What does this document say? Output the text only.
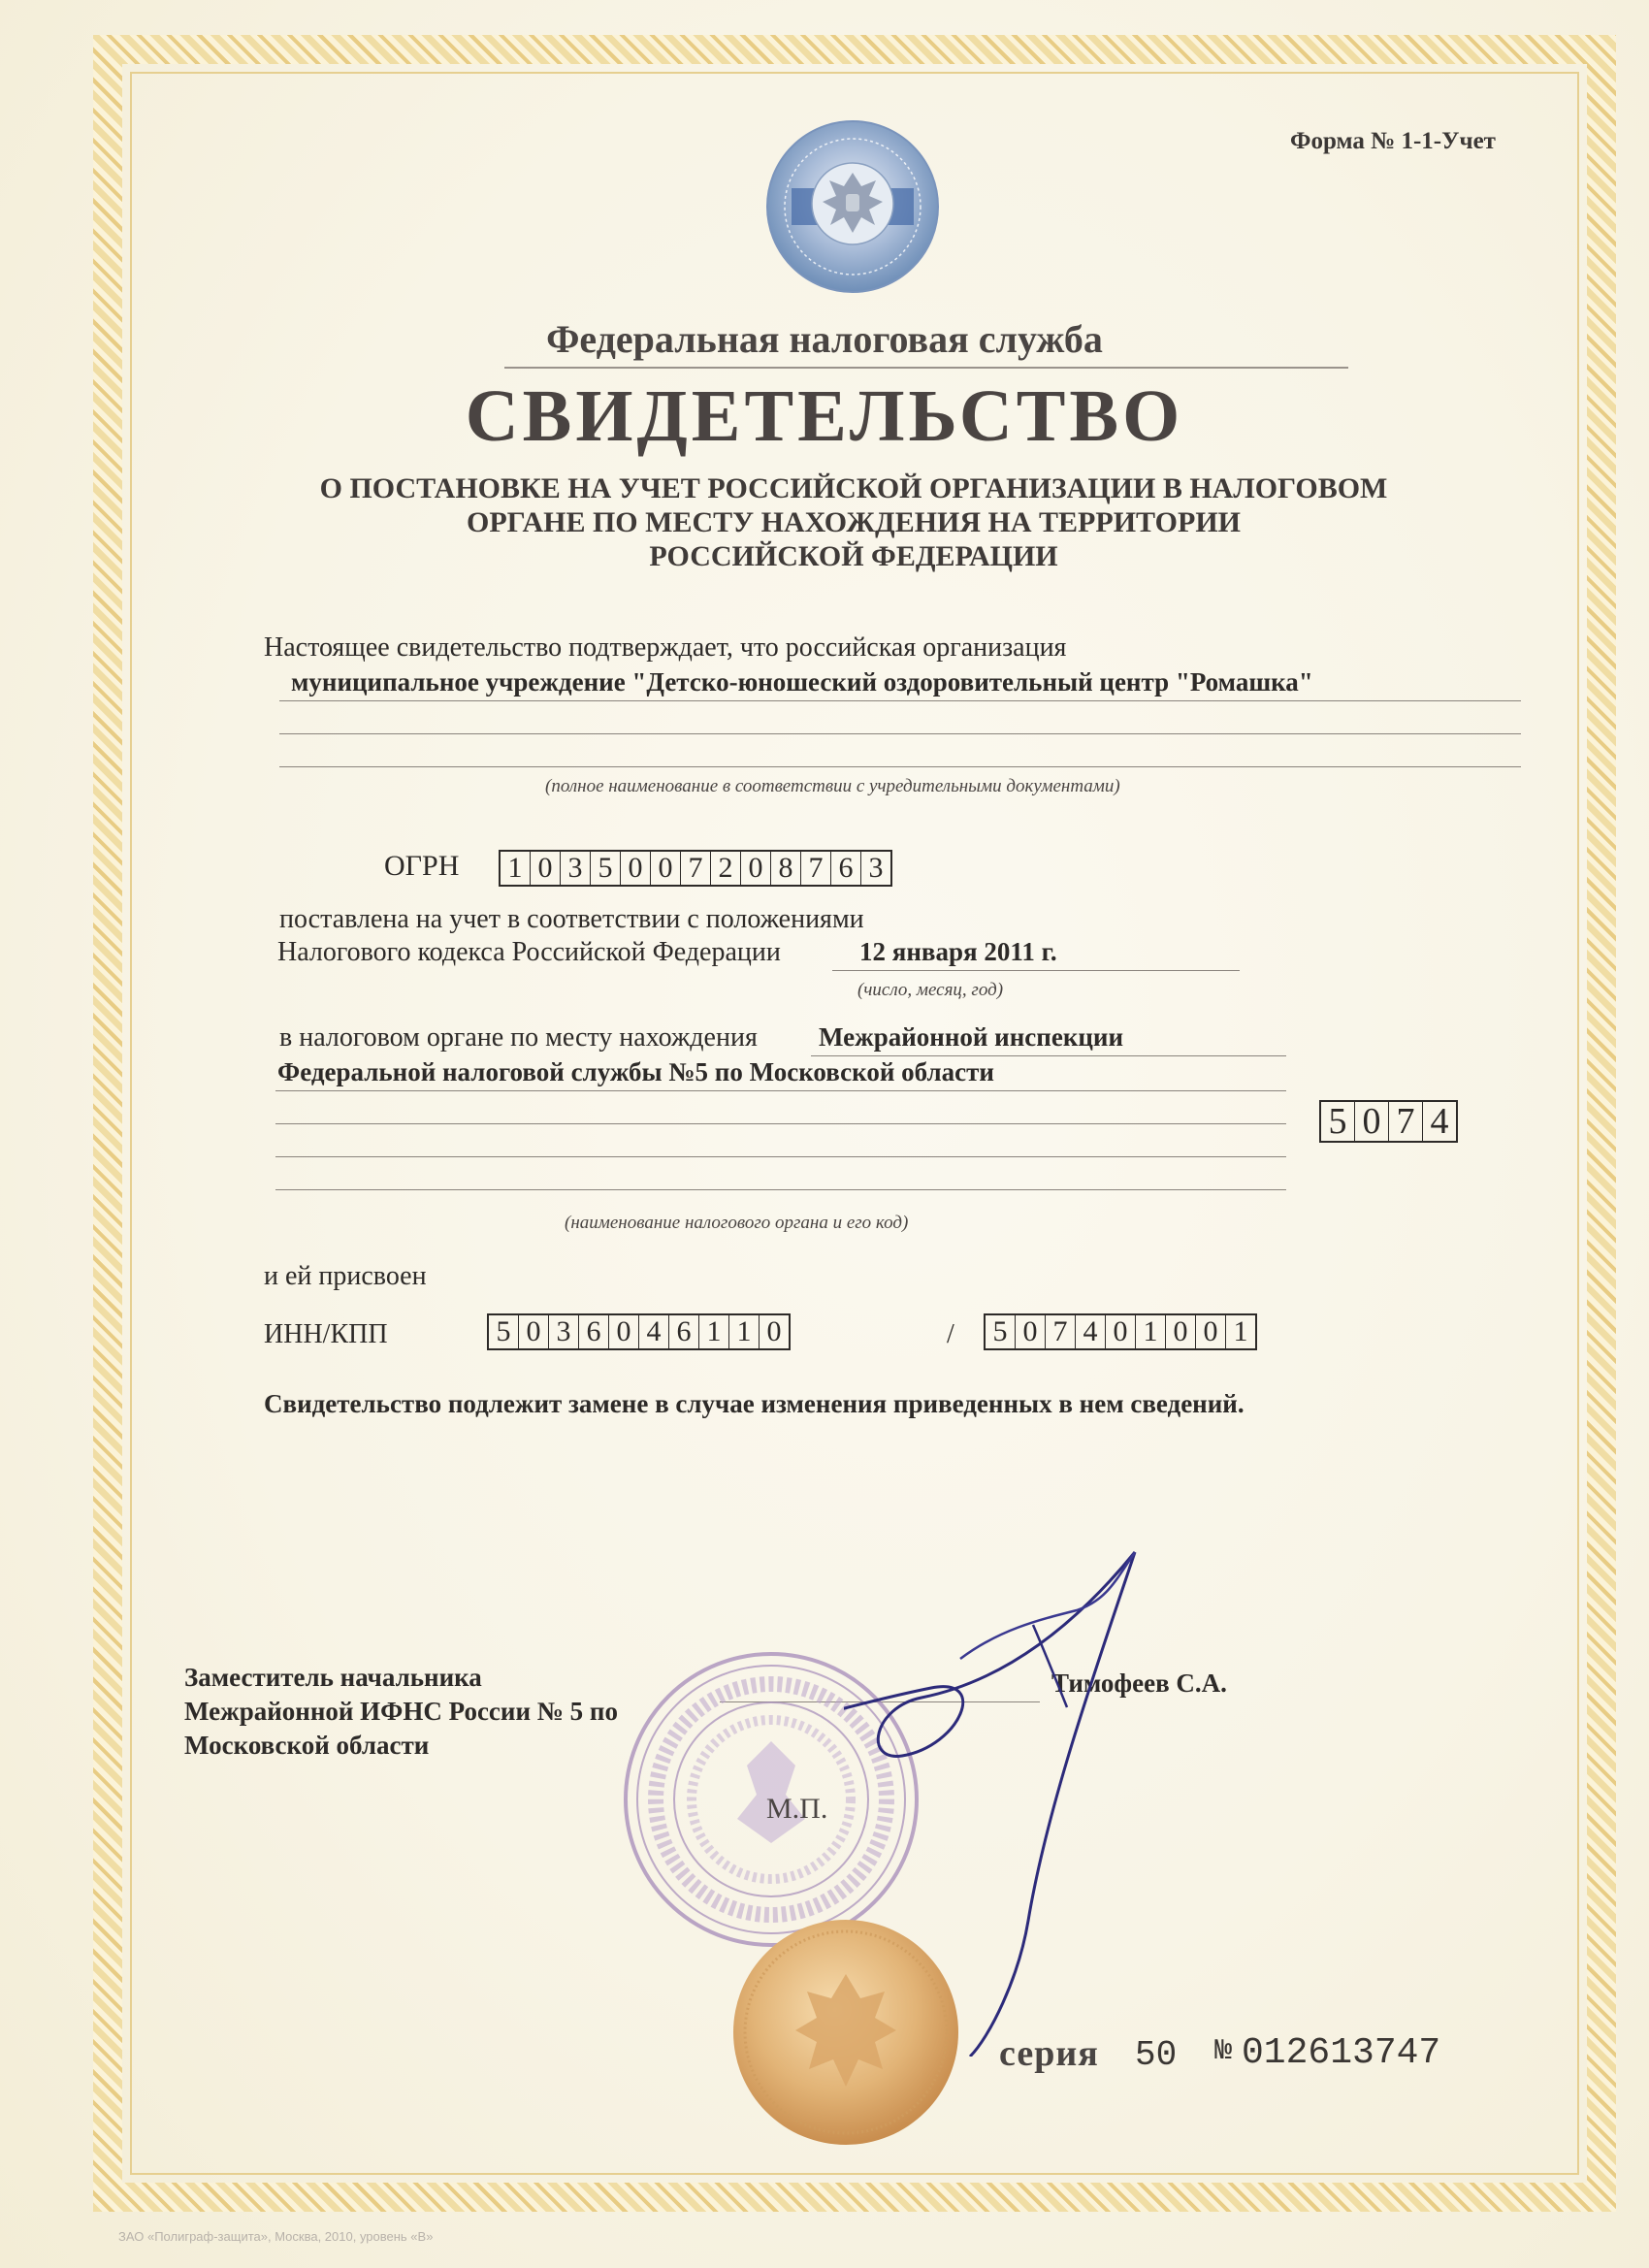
Форма № 1-1-Учет
Федеральная налоговая служба
СВИДЕТЕЛЬСТВО
О ПОСТАНОВКЕ НА УЧЕТ РОССИЙСКОЙ ОРГАНИЗАЦИИ В НАЛОГОВОМ
ОРГАНЕ ПО МЕСТУ НАХОЖДЕНИЯ НА ТЕРРИТОРИИ
РОССИЙСКОЙ ФЕДЕРАЦИИ
Настоящее свидетельство подтверждает, что российская организация
муниципальное учреждение "Детско-юношеский оздоровительный центр "Ромашка"
(полное наименование в соответствии с учредительными документами)
ОГРН 1 0 3 5 0 0 7 2 0 8 7 6 3
поставлена на учет в соответствии с положениями
Налогового кодекса Российской Федерации	12 января 2011 г.
(число, месяц, год)
в налоговом органе по месту нахождения Межрайонной инспекции
Федеральной налоговой службы №5 по Московской области
5 0 7 4
(наименование налогового органа и его код)
и ей присвоен
ИНН/КПП	5 0 3 6 0 4 6 1 1 0	/ 5 0 7 4 0 1 0 0 1
Свидетельство подлежит замене в случае изменения приведенных в нем сведений.
Заместитель начальника
Межрайонной ИФНС России № 5 по
Московской области
Тимофеев С.А.
М.П.
серия 50 № 012613747
ЗАО «Полиграф-защита», Москва, 2010, уровень «В»
